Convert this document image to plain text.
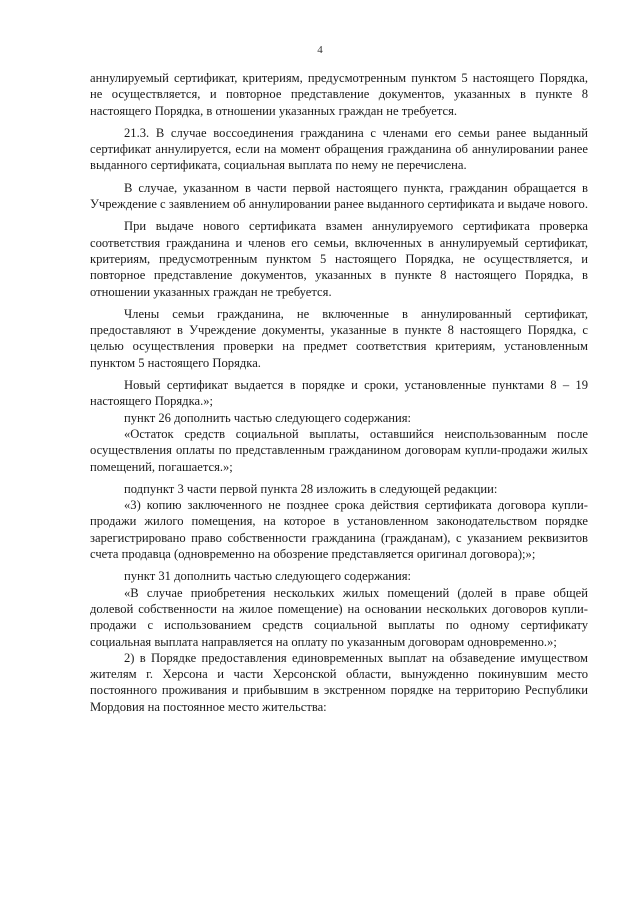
4

аннулируемый сертификат, критериям, предусмотренным пунктом 5 настоящего Порядка, не осуществляется, и повторное представление документов, указанных в пункте 8 настоящего Порядка, в отношении указанных граждан не требуется.

21.3. В случае воссоединения гражданина с членами его семьи ранее выданный сертификат аннулируется, если на момент обращения гражданина об аннулировании ранее выданного сертификата, социальная выплата по нему не перечислена.

В случае, указанном в части первой настоящего пункта, гражданин обращается в Учреждение с заявлением об аннулировании ранее выданного сертификата и выдаче нового.

При выдаче нового сертификата взамен аннулируемого сертификата проверка соответствия гражданина и членов его семьи, включенных в аннулируемый сертификат, критериям, предусмотренным пунктом 5 настоящего Порядка, не осуществляется, и повторное представление документов, указанных в пункте 8 настоящего Порядка, в отношении указанных граждан не требуется.

Члены семьи гражданина, не включенные в аннулированный сертификат, предоставляют в Учреждение документы, указанные в пункте 8 настоящего Порядка, с целью осуществления проверки на предмет соответствия критериям, установленным пунктом 5 настоящего Порядка.

Новый сертификат выдается в порядке и сроки, установленные пунктами 8 – 19 настоящего Порядка.»;

пункт 26 дополнить частью следующего содержания:

«Остаток средств социальной выплаты, оставшийся неиспользованным после осуществления оплаты по представленным гражданином договорам купли-продажи жилых помещений, погашается.»;

подпункт 3 части первой пункта 28 изложить в следующей редакции:

«3) копию заключенного не позднее срока действия сертификата договора купли-продажи жилого помещения, на которое в установленном законодательством порядке зарегистрировано право собственности гражданина (гражданам), с указанием реквизитов счета продавца (одновременно на обозрение представляется оригинал договора);»;

пункт 31 дополнить частью следующего содержания:

«В случае приобретения нескольких жилых помещений (долей в праве общей долевой собственности на жилое помещение) на основании нескольких договоров купли-продажи с использованием средств социальной выплаты по одному сертификату социальная выплата направляется на оплату по указанным договорам одновременно.»;

2) в Порядке предоставления единовременных выплат на обзаведение имуществом жителям г. Херсона и части Херсонской области, вынужденно покинувшим место постоянного проживания и прибывшим в экстренном порядке на территорию Республики Мордовия на постоянное место жительства:
